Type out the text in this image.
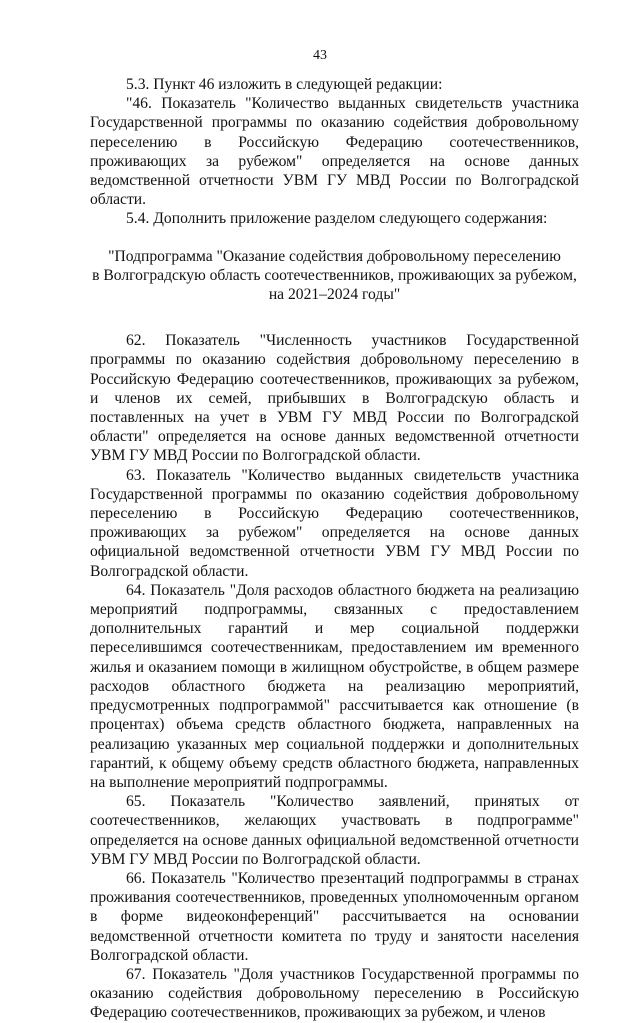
43

5.3. Пункт 46 изложить в следующей редакции:

"46. Показатель "Количество выданных свидетельств участника Государственной программы по оказанию содействия добровольному переселению в Российскую Федерацию соотечественников, проживающих за рубежом" определяется на основе данных ведомственной отчетности УВМ ГУ МВД России по Волгоградской области.

5.4. Дополнить приложение разделом следующего содержания:

"Подпрограмма "Оказание содействия добровольному переселению
в Волгоградскую область соотечественников, проживающих за рубежом,
на 2021–2024 годы"

62. Показатель "Численность участников Государственной программы по оказанию содействия добровольному переселению в Российскую Федерацию соотечественников, проживающих за рубежом, и членов их семей, прибывших в Волгоградскую область и поставленных на учет в УВМ ГУ МВД России по Волгоградской области" определяется на основе данных ведомственной отчетности УВМ ГУ МВД России по Волгоградской области.

63. Показатель "Количество выданных свидетельств участника Государственной программы по оказанию содействия добровольному переселению в Российскую Федерацию соотечественников, проживающих за рубежом" определяется на основе данных официальной ведомственной отчетности УВМ ГУ МВД России по Волгоградской области.

64. Показатель "Доля расходов областного бюджета на реализацию мероприятий подпрограммы, связанных с предоставлением дополнительных гарантий и мер социальной поддержки переселившимся соотечественникам, предоставлением им временного жилья и оказанием помощи в жилищном обустройстве, в общем размере расходов областного бюджета на реализацию мероприятий, предусмотренных подпрограммой" рассчитывается как отношение (в процентах) объема средств областного бюджета, направленных на реализацию указанных мер социальной поддержки и дополнительных гарантий, к общему объему средств областного бюджета, направленных на выполнение мероприятий подпрограммы.

65. Показатель "Количество заявлений, принятых от соотечественников, желающих участвовать в подпрограмме" определяется на основе данных официальной ведомственной отчетности УВМ ГУ МВД России по Волгоградской области.

66. Показатель "Количество презентаций подпрограммы в странах проживания соотечественников, проведенных уполномоченным органом в форме видеоконференций" рассчитывается на основании ведомственной отчетности комитета по труду и занятости населения Волгоградской области.

67. Показатель "Доля участников Государственной программы по оказанию содействия добровольному переселению в Российскую Федерацию соотечественников, проживающих за рубежом, и членов
